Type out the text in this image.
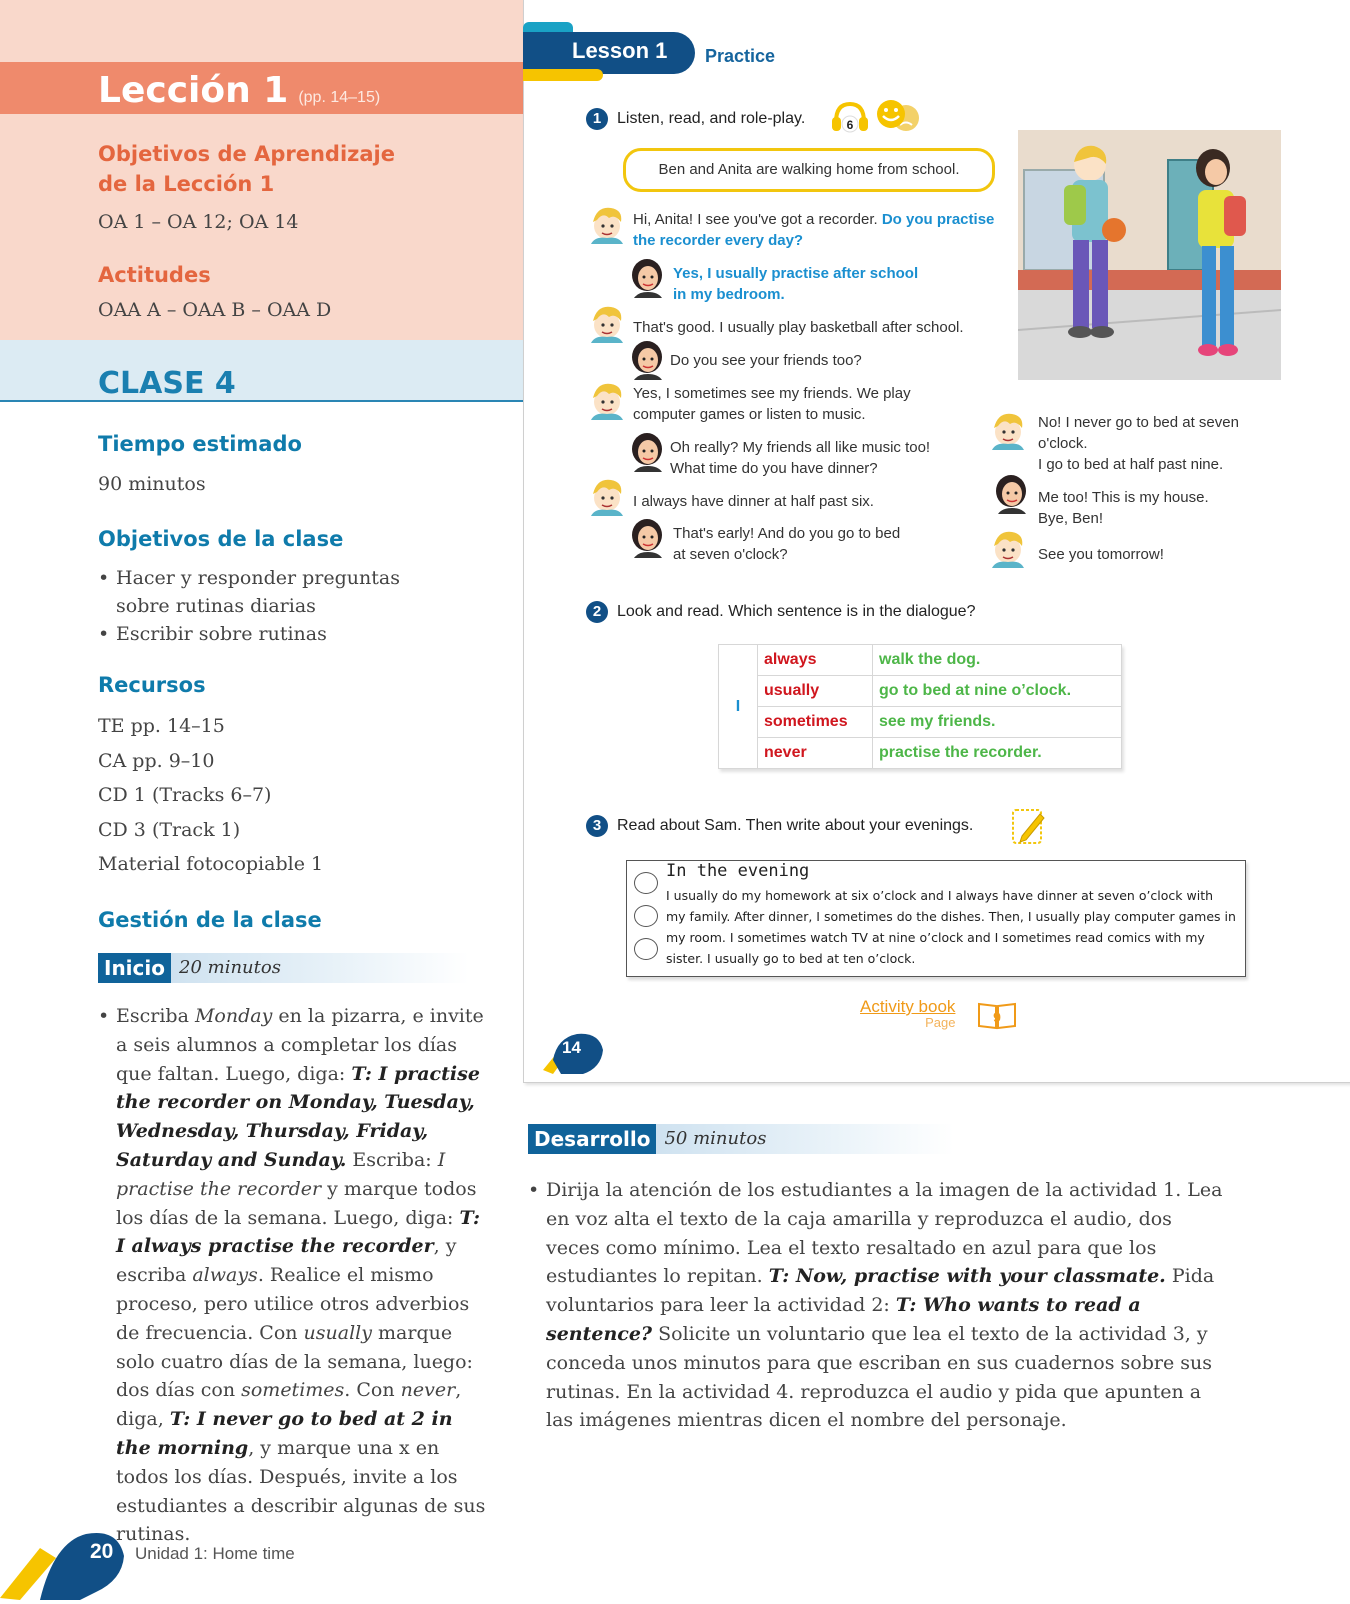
Lección 1 (pp. 14–15)
Objetivos de Aprendizaje
de la Lección 1
OA 1 – OA 12; OA 14
Actitudes
OAA A – OAA B – OAA D
CLASE 4
Tiempo estimado
90 minutos
Objetivos de la clase
• Hacer y responder preguntas sobre rutinas diarias
• Escribir sobre rutinas
Recursos
TE pp. 14–15
CA pp. 9–10
CD 1 (Tracks 6–7)
CD 3 (Track 1)
Material fotocopiable 1
Gestión de la clase
Inicio 20 minutos
• Escriba Monday en la pizarra, e invite a seis alumnos a completar los días que faltan. Luego, diga: T: I practise the recorder on Monday, Tuesday, Wednesday, Thursday, Friday, Saturday and Sunday. Escriba: I practise the recorder y marque todos los días de la semana. Luego, diga: T: I always practise the recorder, y escriba always. Realice el mismo proceso, pero utilice otros adverbios de frecuencia. Con usually marque solo cuatro días de la semana, luego: dos días con sometimes. Con never, diga, T: I never go to bed at 2 in the morning, y marque una x en todos los días. Después, invite a los estudiantes a describir algunas de sus rutinas.
Lesson 1 Practice
1 Listen, read, and role-play.	6
Ben and Anita are walking home from school.
Hi, Anita! I see you've got a recorder. Do you practise
the recorder every day?
Yes, I usually practise after school
in my bedroom.
That's good. I usually play basketball after school.
Do you see your friends too?
Yes, I sometimes see my friends. We play
computer games or listen to music.
Oh really? My friends all like music too!
What time do you have dinner?
I always have dinner at half past six.
That's early! And do you go to bed
at seven o'clock?
No! I never go to bed at seven
o'clock.
I go to bed at half past nine.
Me too! This is my house.
Bye, Ben!
See you tomorrow!
2 Look and read. Which sentence is in the dialogue?
I	always	walk the dog.
	usually	go to bed at nine o’clock.
	sometimes	see my friends.
	never	practise the recorder.
3 Read about Sam. Then write about your evenings.
In the evening
I usually do my homework at six o’clock and I always have dinner at seven o’clock with my family. After dinner, I sometimes do the dishes. Then, I usually play computer games in my room. I sometimes watch TV at nine o’clock and I sometimes read comics with my sister. I usually go to bed at ten o’clock.
Activity book
Page	9
14
Desarrollo 50 minutos
• Dirija la atención de los estudiantes a la imagen de la actividad 1. Lea en voz alta el texto de la caja amarilla y reproduzca el audio, dos veces como mínimo. Lea el texto resaltado en azul para que los estudiantes lo repitan. T: Now, practise with your classmate. Pida voluntarios para leer la actividad 2: T: Who wants to read a sentence? Solicite un voluntario que lea el texto de la actividad 3, y conceda unos minutos para que escriban en sus cuadernos sobre sus rutinas. En la actividad 4. reproduzca el audio y pida que apunten a las imágenes mientras dicen el nombre del personaje.
20 Unidad 1: Home time
